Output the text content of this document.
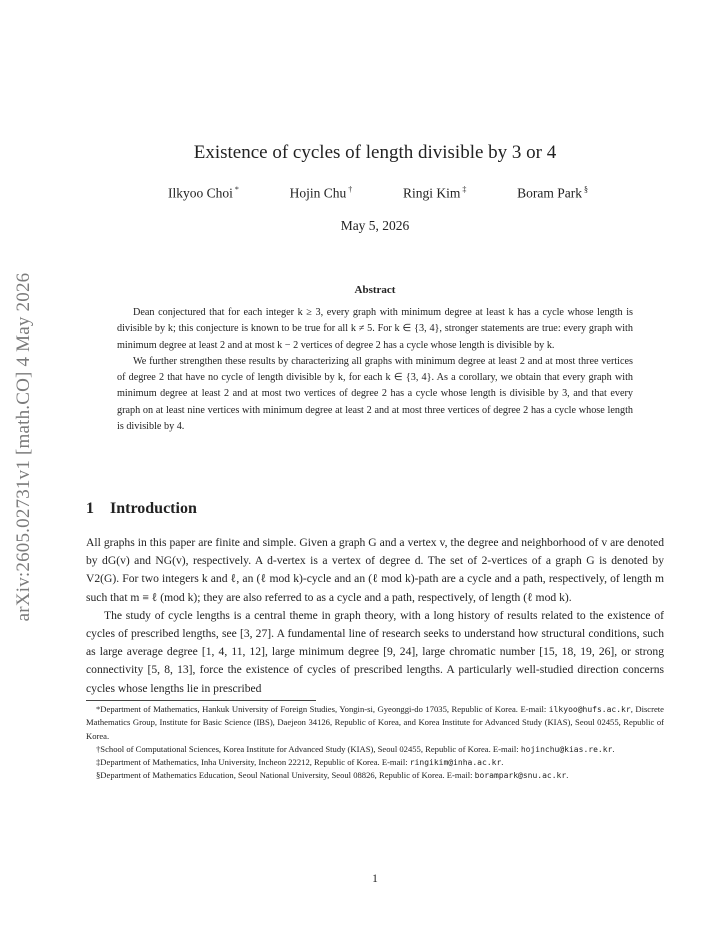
arXiv:2605.02731v1 [math.CO] 4 May 2026
Existence of cycles of length divisible by 3 or 4
Ilkyoo Choi *	Hojin Chu †	Ringi Kim ‡	Boram Park §
May 5, 2026
Abstract

Dean conjectured that for each integer k ≥ 3, every graph with minimum degree at least k has a cycle whose length is divisible by k; this conjecture is known to be true for all k ≠ 5. For k ∈ {3, 4}, stronger statements are true: every graph with minimum degree at least 2 and at most k − 2 vertices of degree 2 has a cycle whose length is divisible by k.

We further strengthen these results by characterizing all graphs with minimum degree at least 2 and at most three vertices of degree 2 that have no cycle of length divisible by k, for each k ∈ {3, 4}. As a corollary, we obtain that every graph with minimum degree at least 2 and at most two vertices of degree 2 has a cycle whose length is divisible by 3, and that every graph on at least nine vertices with minimum degree at least 2 and at most three vertices of degree 2 has a cycle whose length is divisible by 4.

1 Introduction

All graphs in this paper are finite and simple. Given a graph G and a vertex v, the degree and neighborhood of v are denoted by dG(v) and NG(v), respectively. A d-vertex is a vertex of degree d. The set of 2-vertices of a graph G is denoted by V2(G). For two integers k and ℓ, an (ℓ mod k)-cycle and an (ℓ mod k)-path are a cycle and a path, respectively, of length m such that m ≡ ℓ (mod k); they are also referred to as a cycle and a path, respectively, of length (ℓ mod k).

The study of cycle lengths is a central theme in graph theory, with a long history of results related to the existence of cycles of prescribed lengths, see [3, 27]. A fundamental line of research seeks to understand how structural conditions, such as large average degree [1, 4, 11, 12], large minimum degree [9, 24], large chromatic number [15, 18, 19, 26], or strong connectivity [5, 8, 13], force the existence of cycles of prescribed lengths. A particularly well-studied direction concerns cycles whose lengths lie in prescribed

*Department of Mathematics, Hankuk University of Foreign Studies, Yongin-si, Gyeonggi-do 17035, Republic of Korea. E-mail: ilkyoo@hufs.ac.kr, Discrete Mathematics Group, Institute for Basic Science (IBS), Daejeon 34126, Republic of Korea, and Korea Institute for Advanced Study (KIAS), Seoul 02455, Republic of Korea.

†School of Computational Sciences, Korea Institute for Advanced Study (KIAS), Seoul 02455, Republic of Korea. E-mail: hojinchu@kias.re.kr.

‡Department of Mathematics, Inha University, Incheon 22212, Republic of Korea. E-mail: ringikim@inha.ac.kr.

§Department of Mathematics Education, Seoul National University, Seoul 08826, Republic of Korea. E-mail: borampark@snu.ac.kr.

1
